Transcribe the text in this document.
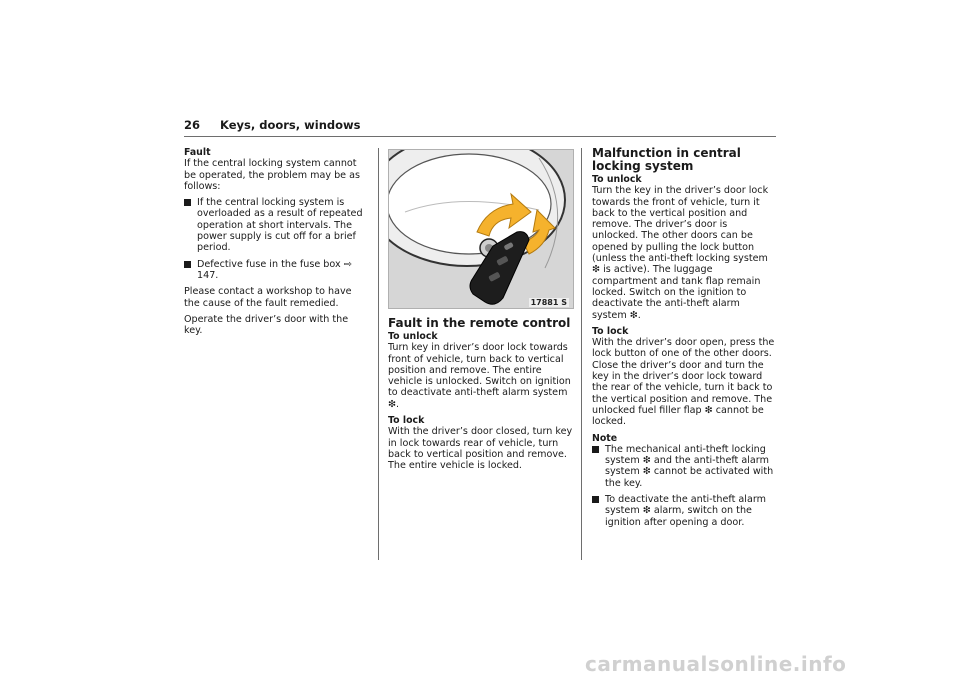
26 Keys, doors, windows

Fault
If the central locking system cannot be operated, the problem may be as follows:

If the central locking system is overloaded as a result of repeated operation at short intervals. The power supply is cut off for a brief period.
Defective fuse in the fuse box ⇨ 147.

Please contact a workshop to have the cause of the fault remedied.

Operate the driver’s door with the key.

17881 S
Fault in the remote control

To unlock
Turn key in driver’s door lock towards front of vehicle, turn back to vertical position and remove. The entire vehicle is unlocked. Switch on ignition to deactivate anti-theft alarm system ❇.

To lock
With the driver’s door closed, turn key in lock towards rear of vehicle, turn back to vertical position and remove. The entire vehicle is locked.

Malfunction in central locking system

To unlock
Turn the key in the driver’s door lock towards the front of vehicle, turn it back to the vertical position and remove. The driver’s door is unlocked. The other doors can be opened by pulling the lock button (unless the anti-theft locking system ❇ is active). The luggage compartment and tank flap remain locked. Switch on the ignition to deactivate the anti-theft alarm system ❇.

To lock
With the driver’s door open, press the lock button of one of the other doors. Close the driver’s door and turn the key in the driver’s door lock toward the rear of the vehicle, turn it back to the vertical position and remove. The unlocked fuel filler flap ❇ cannot be locked.

Note
The mechanical anti-theft locking system ❇ and the anti-theft alarm system ❇ cannot be activated with the key.
To deactivate the anti-theft alarm system ❇ alarm, switch on the ignition after opening a door.
carmanualsonline.info
